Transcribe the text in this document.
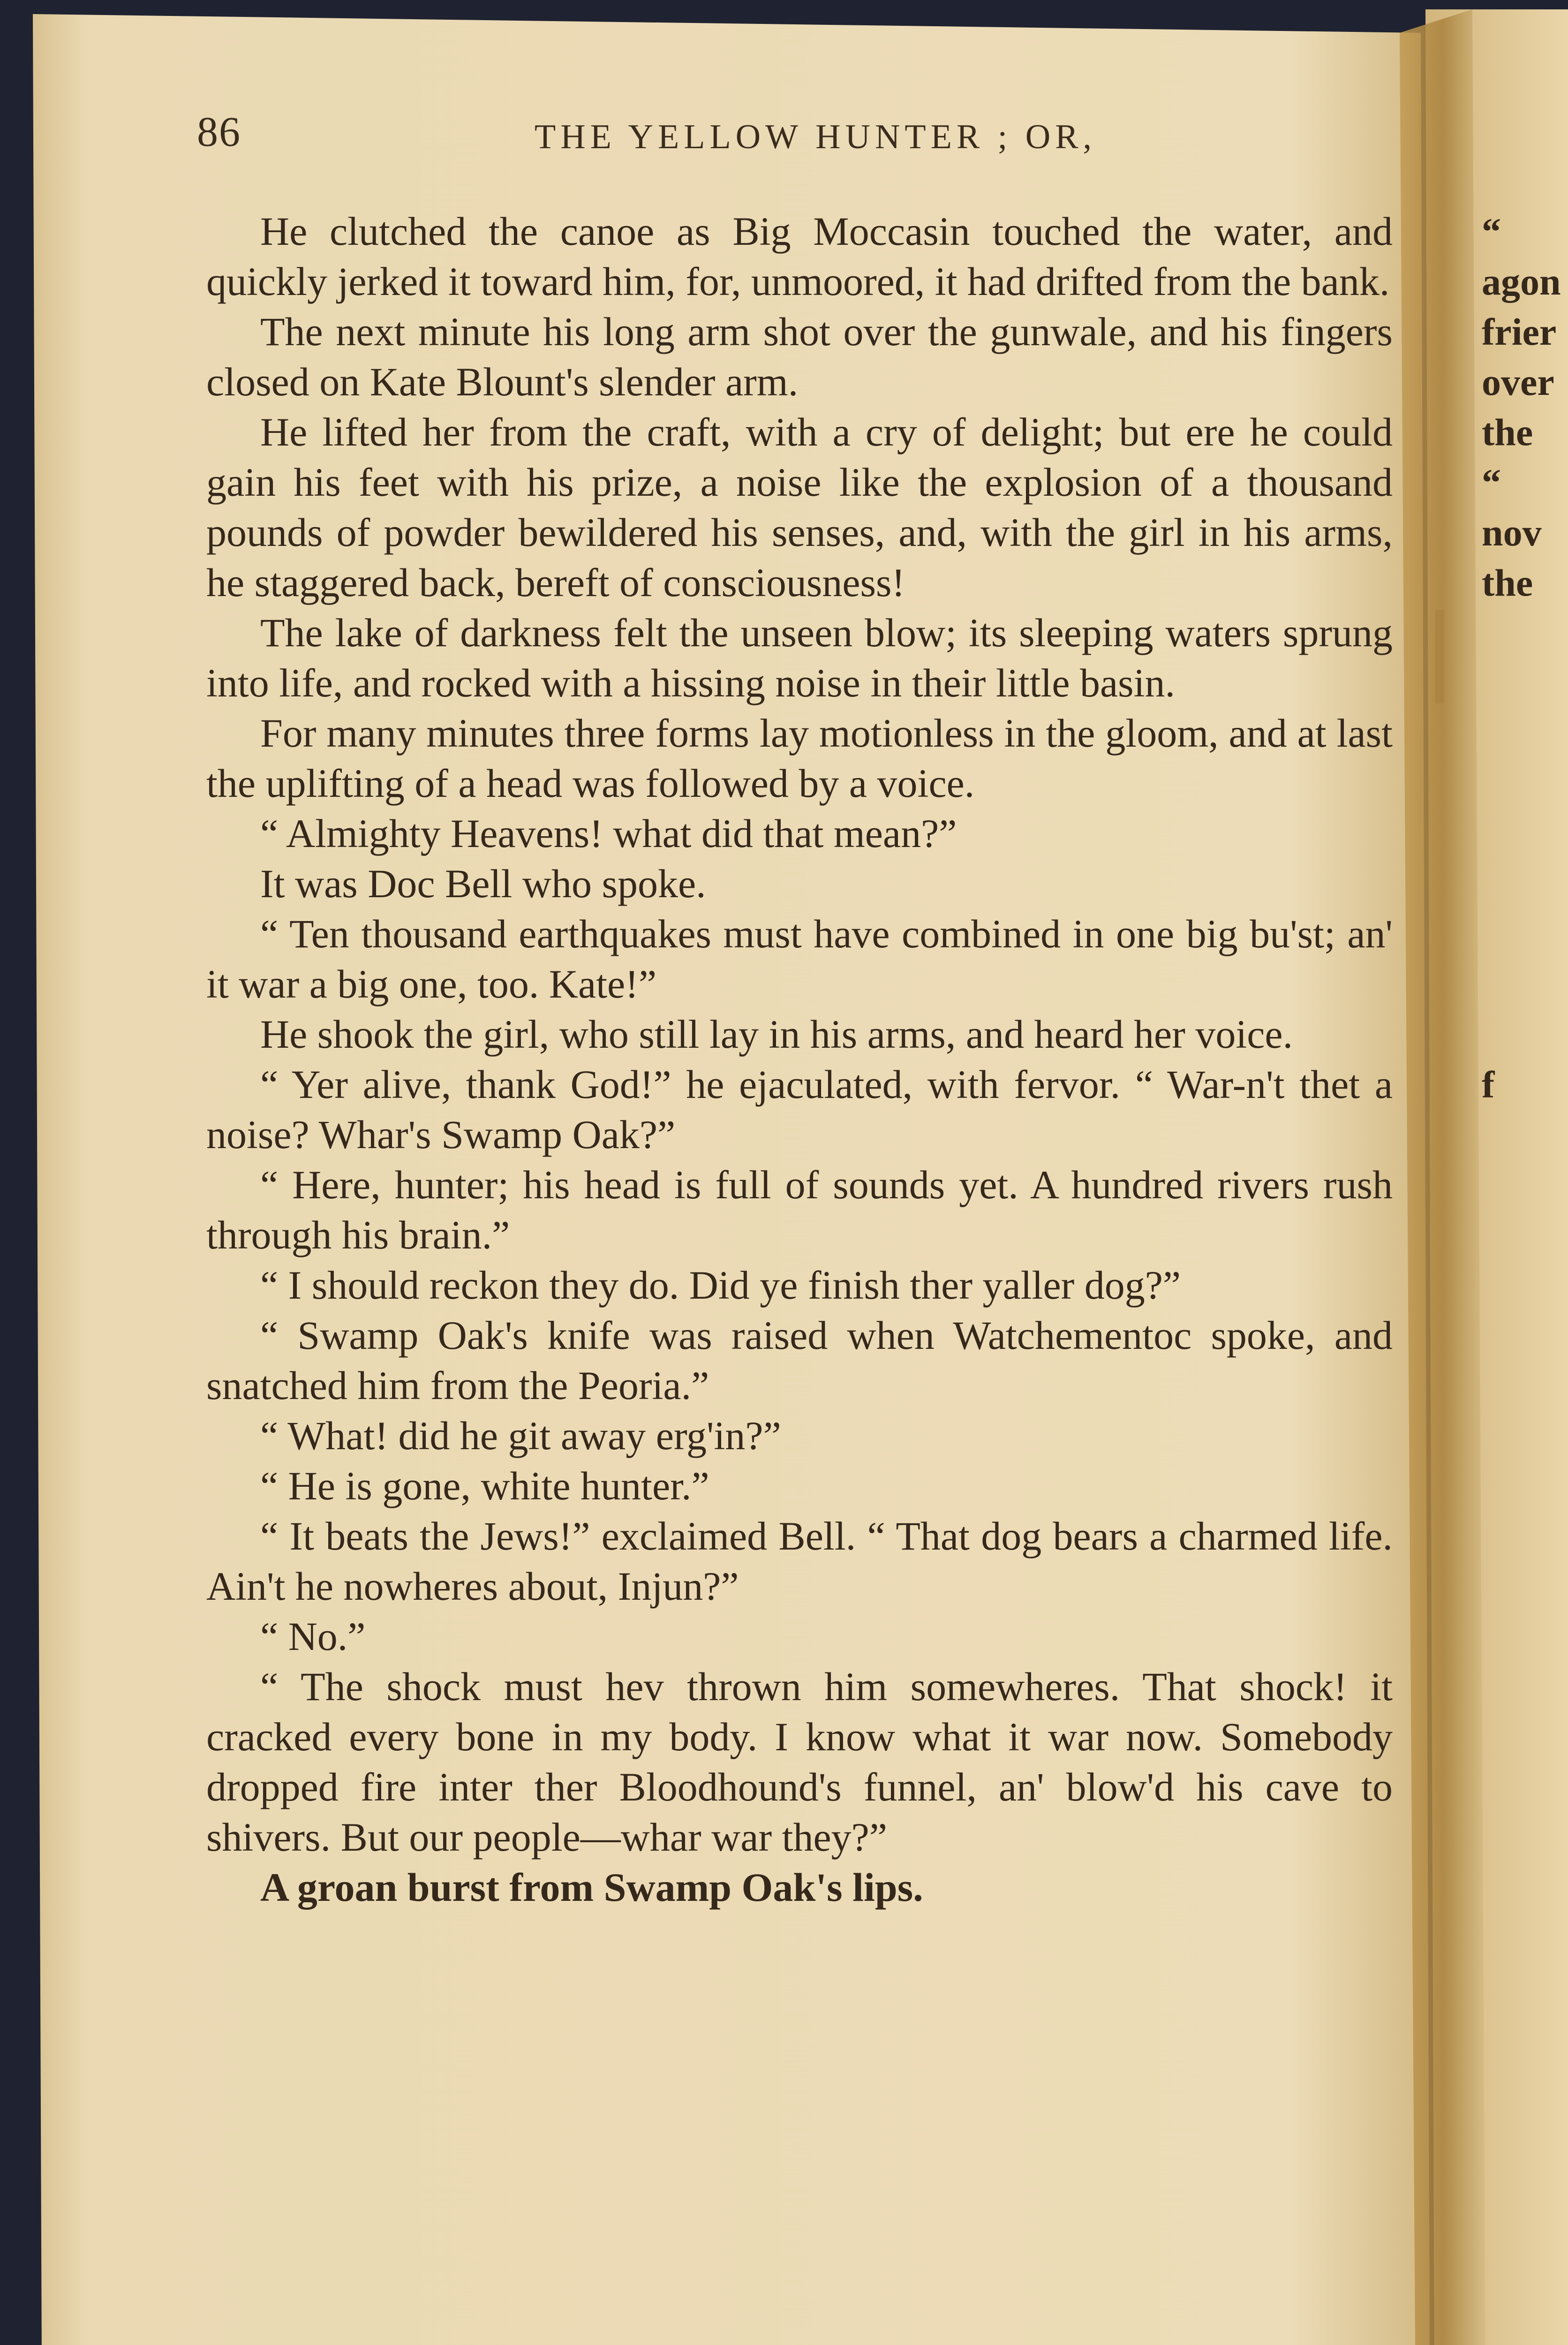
86	THE YELLOW HUNTER ; OR,

He clutched the canoe as Big Moccasin touched the water, and quickly jerked it toward him, for, unmoored, it had drifted from the bank.

The next minute his long arm shot over the gunwale, and his fingers closed on Kate Blount's slender arm.

He lifted her from the craft, with a cry of delight; but ere he could gain his feet with his prize, a noise like the explosion of a thousand pounds of powder bewildered his senses, and, with the girl in his arms, he staggered back, bereft of consciousness!

The lake of darkness felt the unseen blow; its sleeping waters sprung into life, and rocked with a hissing noise in their little basin.

For many minutes three forms lay motionless in the gloom, and at last the uplifting of a head was followed by a voice.

“ Almighty Heavens! what did that mean?”

It was Doc Bell who spoke.

“ Ten thousand earthquakes must have combined in one big bu'st; an' it war a big one, too. Kate!”

He shook the girl, who still lay in his arms, and heard her voice.

“ Yer alive, thank God!” he ejaculated, with fervor. “ War-n't thet a noise? Whar's Swamp Oak?”

“ Here, hunter; his head is full of sounds yet. A hundred rivers rush through his brain.”

“ I should reckon they do. Did ye finish ther yaller dog?”

“ Swamp Oak's knife was raised when Watchementoc spoke, and snatched him from the Peoria.”

“ What! did he git away erg'in?”

“ He is gone, white hunter.”

“ It beats the Jews!” exclaimed Bell. “ That dog bears a charmed life. Ain't he nowheres about, Injun?”

“ No.”

“ The shock must hev thrown him somewheres. That shock! it cracked every bone in my body. I know what it war now. Somebody dropped fire inter ther Bloodhound's funnel, an' blow'd his cave to shivers. But our people—whar war they?”

A groan burst from Swamp Oak's lips.

“
agon
frier
over
the
“
nov
the
f
